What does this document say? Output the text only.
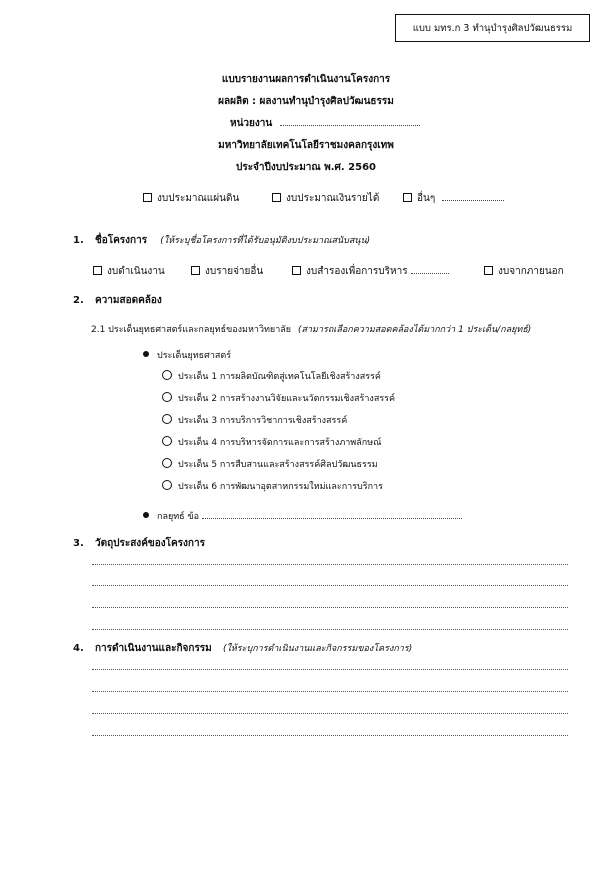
แบบ มทร.ก 3 ทำนุบำรุงศิลปวัฒนธรรม
แบบรายงานผลการดำเนินงานโครงการ
ผลผลิต : ผลงานทำนุบำรุงศิลปวัฒนธรรม
หน่วยงาน
มหาวิทยาลัยเทคโนโลยีราชมงคลกรุงเทพ
ประจำปีงบประมาณ พ.ศ. 2560
งบประมาณแผ่นดิน	งบประมาณเงินรายได้	อื่นๆ
1. ชื่อโครงการ (ให้ระบุชื่อโครงการที่ได้รับอนุมัติงบประมาณสนับสนุน)
งบดำเนินงาน	งบรายจ่ายอื่น	งบสำรองเพื่อการบริหาร	งบจากภายนอก
2. ความสอดคล้อง
2.1 ประเด็นยุทธศาสตร์และกลยุทธ์ของมหาวิทยาลัย (สามารถเลือกความสอดคล้องได้มากกว่า 1 ประเด็น/กลยุทธ์)
ประเด็นยุทธศาสตร์
ประเด็น 1 การผลิตบัณฑิตสู่เทคโนโลยีเชิงสร้างสรรค์
ประเด็น 2 การสร้างงานวิจัยและนวัตกรรมเชิงสร้างสรรค์
ประเด็น 3 การบริการวิชาการเชิงสร้างสรรค์
ประเด็น 4 การบริหารจัดการและการสร้างภาพลักษณ์
ประเด็น 5 การสืบสานและสร้างสรรค์ศิลปวัฒนธรรม
ประเด็น 6 การพัฒนาอุตสาหกรรมใหม่และการบริการ
กลยุทธ์ ข้อ
3. วัตถุประสงค์ของโครงการ
4. การดำเนินงานและกิจกรรม (ให้ระบุการดำเนินงานและกิจกรรมของโครงการ)
